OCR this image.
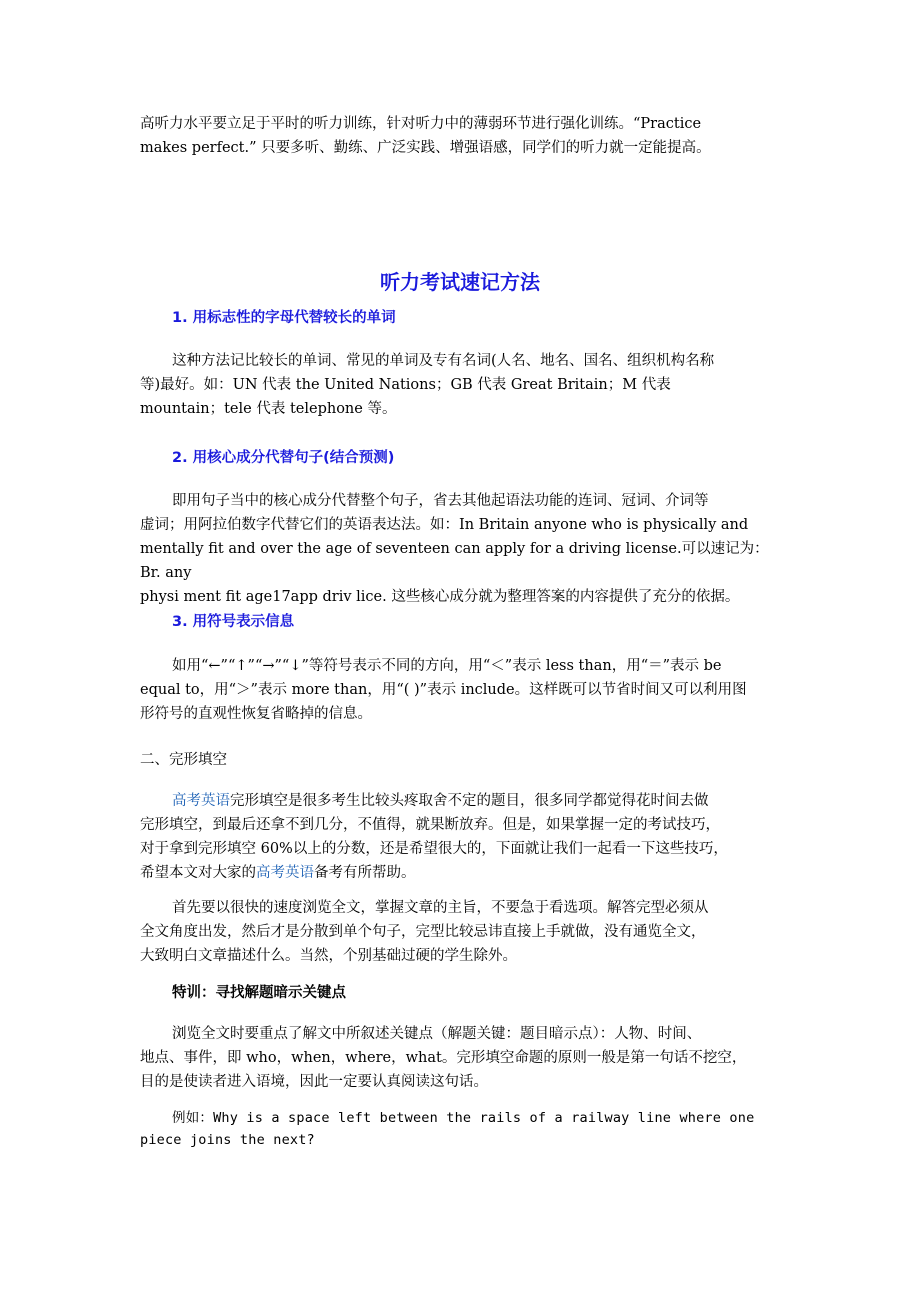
高听力水平要立足于平时的听力训练，针对听力中的薄弱环节进行强化训练。“Practice
makes perfect.” 只要多听、勤练、广泛实践、增强语感，同学们的听力就一定能提高。

听力考试速记方法
1. 用标志性的字母代替较长的单词

这种方法记比较长的单词、常见的单词及专有名词(人名、地名、国名、组织机构名称
等)最好。如：UN 代表 the United Nations；GB 代表 Great Britain；M 代表
mountain；tele 代表 telephone 等。

2. 用核心成分代替句子(结合预测)

即用句子当中的核心成分代替整个句子，省去其他起语法功能的连词、冠词、介词等
虚词；用阿拉伯数字代替它们的英语表达法。如：In Britain anyone who is physically and
mentally fit and over the age of seventeen can apply for a driving license.可以速记为：Br. any
physi ment fit age17app driv lice. 这些核心成分就为整理答案的内容提供了充分的依据。

3. 用符号表示信息

如用“←”“↑”“→”“↓”等符号表示不同的方向，用“＜”表示 less than，用“＝”表示 be
equal to，用“＞”表示 more than，用“( )”表示 include。这样既可以节省时间又可以利用图
形符号的直观性恢复省略掉的信息。

二、完形填空

高考英语完形填空是很多考生比较头疼取舍不定的题目，很多同学都觉得花时间去做
完形填空，到最后还拿不到几分，不值得，就果断放弃。但是，如果掌握一定的考试技巧，
对于拿到完形填空 60%以上的分数，还是希望很大的，下面就让我们一起看一下这些技巧，
希望本文对大家的高考英语备考有所帮助。

首先要以很快的速度浏览全文，掌握文章的主旨，不要急于看选项。解答完型必须从
全文角度出发，然后才是分散到单个句子，完型比较忌讳直接上手就做，没有通览全文，
大致明白文章描述什么。当然，个别基础过硬的学生除外。

特训：寻找解题暗示关键点

浏览全文时要重点了解文中所叙述关键点（解题关键：题目暗示点）：人物、时间、
地点、事件，即 who，when，where，what。完形填空命题的原则一般是第一句话不挖空，
目的是使读者进入语境，因此一定要认真阅读这句话。

例如：Why is a space left between the rails of a railway line where one
piece joins the next?
